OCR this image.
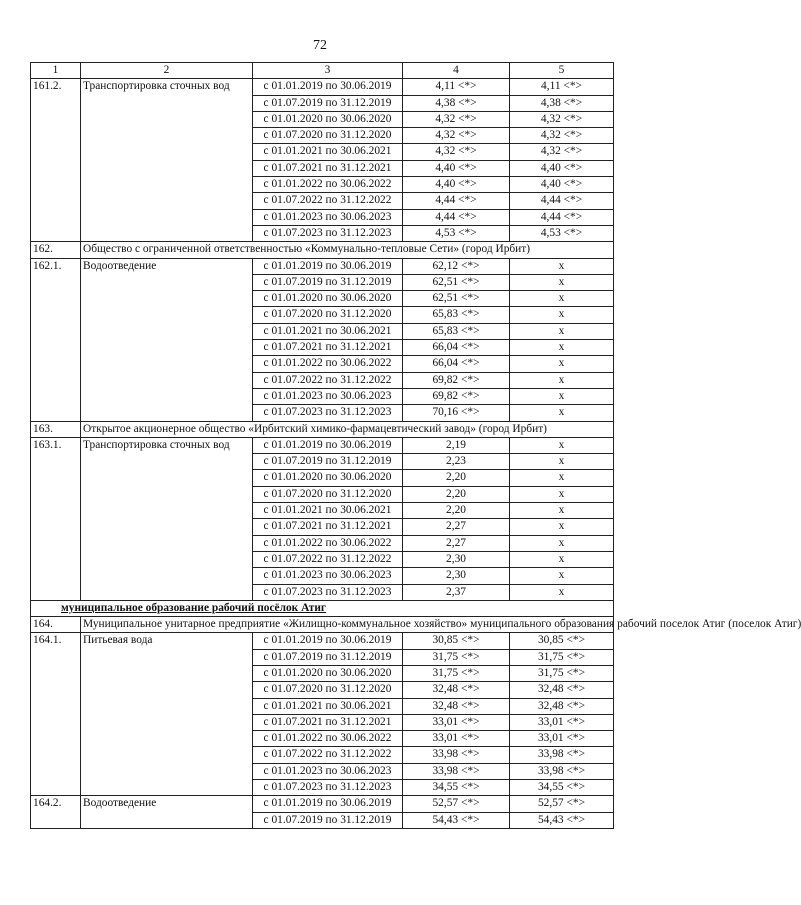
72
1	2	3	4	5
161.2.	Транспортировка сточных вод	с 01.01.2019 по 30.06.2019	4,11 <*>	4,11 <*>
		с 01.07.2019 по 31.12.2019	4,38 <*>	4,38 <*>
		с 01.01.2020 по 30.06.2020	4,32 <*>	4,32 <*>
		с 01.07.2020 по 31.12.2020	4,32 <*>	4,32 <*>
		с 01.01.2021 по 30.06.2021	4,32 <*>	4,32 <*>
		с 01.07.2021 по 31.12.2021	4,40 <*>	4,40 <*>
		с 01.01.2022 по 30.06.2022	4,40 <*>	4,40 <*>
		с 01.07.2022 по 31.12.2022	4,44 <*>	4,44 <*>
		с 01.01.2023 по 30.06.2023	4,44 <*>	4,44 <*>
		с 01.07.2023 по 31.12.2023	4,53 <*>	4,53 <*>
162.	Общество с ограниченной ответственностью «Коммунально-тепловые Сети» (город Ирбит)			
162.1.	Водоотведение	с 01.01.2019 по 30.06.2019	62,12 <*>	x
		с 01.07.2019 по 31.12.2019	62,51 <*>	x
		с 01.01.2020 по 30.06.2020	62,51 <*>	x
		с 01.07.2020 по 31.12.2020	65,83 <*>	x
		с 01.01.2021 по 30.06.2021	65,83 <*>	x
		с 01.07.2021 по 31.12.2021	66,04 <*>	x
		с 01.01.2022 по 30.06.2022	66,04 <*>	x
		с 01.07.2022 по 31.12.2022	69,82 <*>	x
		с 01.01.2023 по 30.06.2023	69,82 <*>	x
		с 01.07.2023 по 31.12.2023	70,16 <*>	x
163.	Открытое акционерное общество «Ирбитский химико-фармацевтический завод» (город Ирбит)			
163.1.	Транспортировка сточных вод	с 01.01.2019 по 30.06.2019	2,19	x
		с 01.07.2019 по 31.12.2019	2,23	x
		с 01.01.2020 по 30.06.2020	2,20	x
		с 01.07.2020 по 31.12.2020	2,20	x
		с 01.01.2021 по 30.06.2021	2,20	x
		с 01.07.2021 по 31.12.2021	2,27	x
		с 01.01.2022 по 30.06.2022	2,27	x
		с 01.07.2022 по 31.12.2022	2,30	x
		с 01.01.2023 по 30.06.2023	2,30	x
		с 01.07.2023 по 31.12.2023	2,37	x
муниципальное образование рабочий посёлок Атиг				
164.	Муниципальное унитарное предприятие «Жилищно-коммунальное хозяйство» муниципального образования рабочий поселок Атиг (поселок Атиг)			
164.1.	Питьевая вода	с 01.01.2019 по 30.06.2019	30,85 <*>	30,85 <*>
		с 01.07.2019 по 31.12.2019	31,75 <*>	31,75 <*>
		с 01.01.2020 по 30.06.2020	31,75 <*>	31,75 <*>
		с 01.07.2020 по 31.12.2020	32,48 <*>	32,48 <*>
		с 01.01.2021 по 30.06.2021	32,48 <*>	32,48 <*>
		с 01.07.2021 по 31.12.2021	33,01 <*>	33,01 <*>
		с 01.01.2022 по 30.06.2022	33,01 <*>	33,01 <*>
		с 01.07.2022 по 31.12.2022	33,98 <*>	33,98 <*>
		с 01.01.2023 по 30.06.2023	33,98 <*>	33,98 <*>
		с 01.07.2023 по 31.12.2023	34,55 <*>	34,55 <*>
164.2.	Водоотведение	с 01.01.2019 по 30.06.2019	52,57 <*>	52,57 <*>
		с 01.07.2019 по 31.12.2019	54,43 <*>	54,43 <*>
